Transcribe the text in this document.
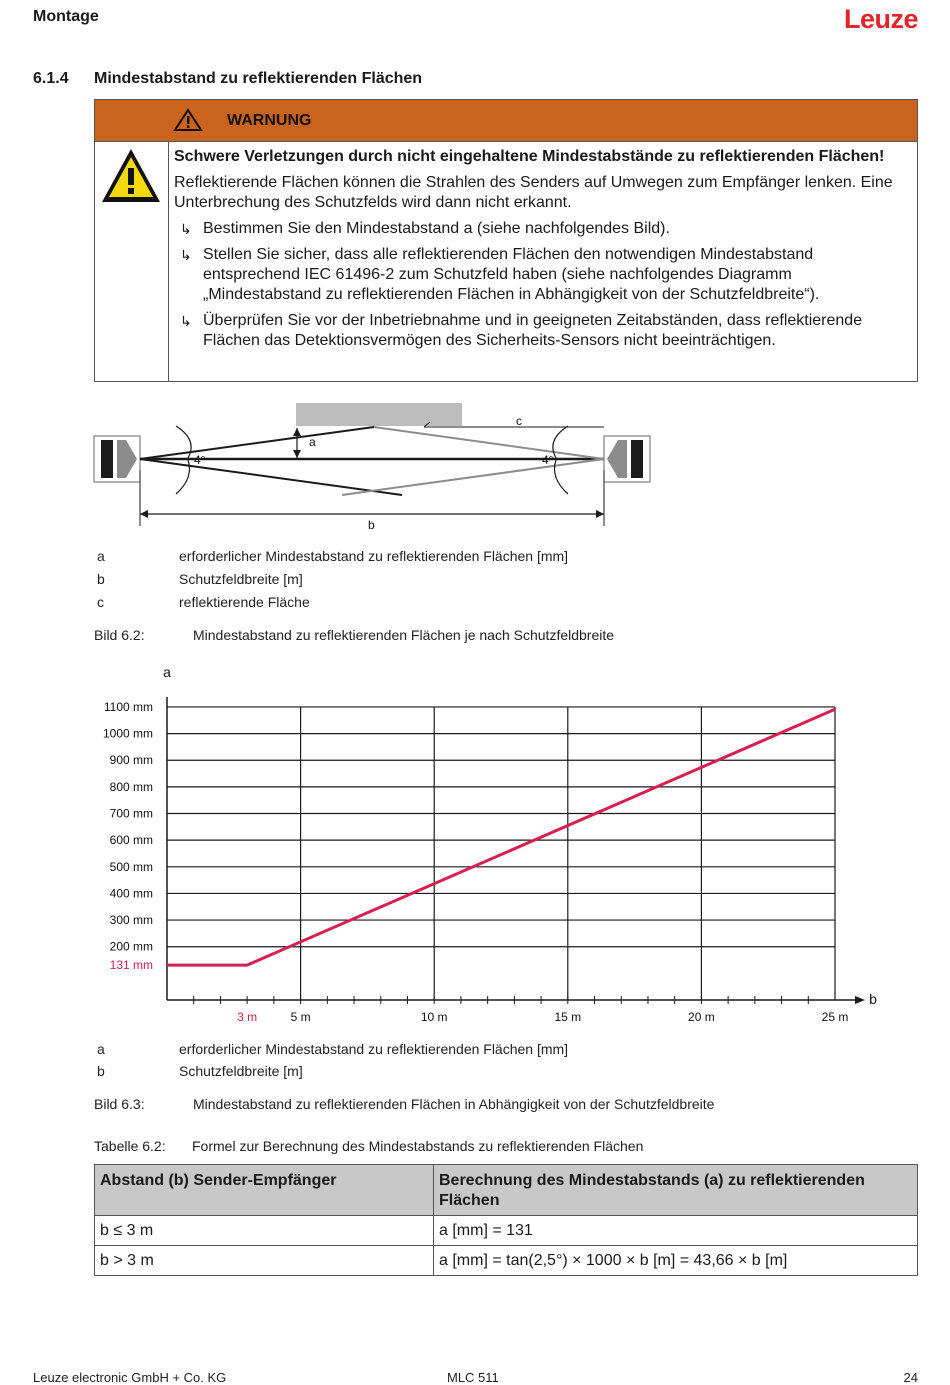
Montage	Leuze
6.1.4 Mindestabstand zu reflektierenden Flächen
WARNUNG

Schwere Verletzungen durch nicht eingehaltene Mindestabstände zu reflektierenden Flächen!

Reflektierende Flächen können die Strahlen des Senders auf Umwegen zum Empfänger lenken. Eine Unterbrechung des Schutzfelds wird dann nicht erkannt.

↳ Bestimmen Sie den Mindestabstand a (siehe nachfolgendes Bild).
↳ Stellen Sie sicher, dass alle reflektierenden Flächen den notwendigen Mindestabstand entsprechend IEC 61496-2 zum Schutzfeld haben (siehe nachfolgendes Diagramm „Mindestabstand zu reflektierenden Flächen in Abhängigkeit von der Schutzfeldbreite“).
↳ Überprüfen Sie vor der Inbetriebnahme und in geeigneten Zeitabständen, dass reflektierende Flächen das Detektionsvermögen des Sicherheits-Sensors nicht beeinträchtigen.
4°	4°
a
c
b
a	erforderlicher Mindestabstand zu reflektierenden Flächen [mm]
b	Schutzfeldbreite [m]
c	reflektierende Fläche
Bild 6.2:	Mindestabstand zu reflektierenden Flächen je nach Schutzfeldbreite
200 mm
300 mm
400 mm
500 mm
600 mm
700 mm
800 mm
900 mm
1000 mm
1100 mm
131 mm
5 m	10 m	15 m	20 m	25 m
3 m
a
b
a	erforderlicher Mindestabstand zu reflektierenden Flächen [mm]
b	Schutzfeldbreite [m]
Bild 6.3:	Mindestabstand zu reflektierenden Flächen in Abhängigkeit von der Schutzfeldbreite
Tabelle 6.2: Formel zur Berechnung des Mindestabstands zu reflektierenden Flächen
Abstand (b) Sender-Empfänger	Berechnung des Mindestabstands (a) zu reflektierenden Flächen
b ≤ 3 m	a [mm] = 131
b > 3 m	a [mm] = tan(2,5°) × 1000 × b [m] = 43,66 × b [m]
Leuze electronic GmbH + Co. KG	MLC 511	24
